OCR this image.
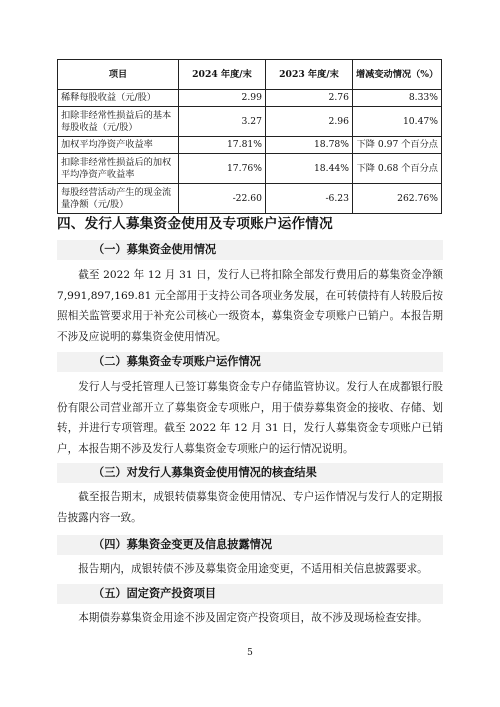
项目	2024 年度/末	2023 年度/末	增减变动情况（%）
稀释每股收益（元/股）	2.99	2.76	8.33%
扣除非经常性损益后的基本每股收益（元/股）	3.27	2.96	10.47%
加权平均净资产收益率	17.81%	18.78%	下降 0.97 个百分点
扣除非经常性损益后的加权平均净资产收益率	17.76%	18.44%	下降 0.68 个百分点
每股经营活动产生的现金流量净额（元/股）	-22.60	-6.23	262.76%
四、发行人募集资金使用及专项账户运作情况
（一）募集资金使用情况
截至 2022 年 12 月 31 日，发行人已将扣除全部发行费用后的募集资金净额 7,991,897,169.81 元全部用于支持公司各项业务发展，在可转债持有人转股后按照相关监管要求用于补充公司核心一级资本，募集资金专项账户已销户。本报告期不涉及应说明的募集资金使用情况。
（二）募集资金专项账户运作情况
发行人与受托管理人已签订募集资金专户存储监管协议。发行人在成都银行股份有限公司营业部开立了募集资金专项账户，用于债券募集资金的接收、存储、划转，并进行专项管理。截至 2022 年 12 月 31 日，发行人募集资金专项账户已销户，本报告期不涉及发行人募集资金专项账户的运行情况说明。
（三）对发行人募集资金使用情况的核查结果
截至报告期末，成银转债募集资金使用情况、专户运作情况与发行人的定期报告披露内容一致。
（四）募集资金变更及信息披露情况
报告期内，成银转债不涉及募集资金用途变更，不适用相关信息披露要求。
（五）固定资产投资项目
本期债券募集资金用途不涉及固定资产投资项目，故不涉及现场检查安排。
5
